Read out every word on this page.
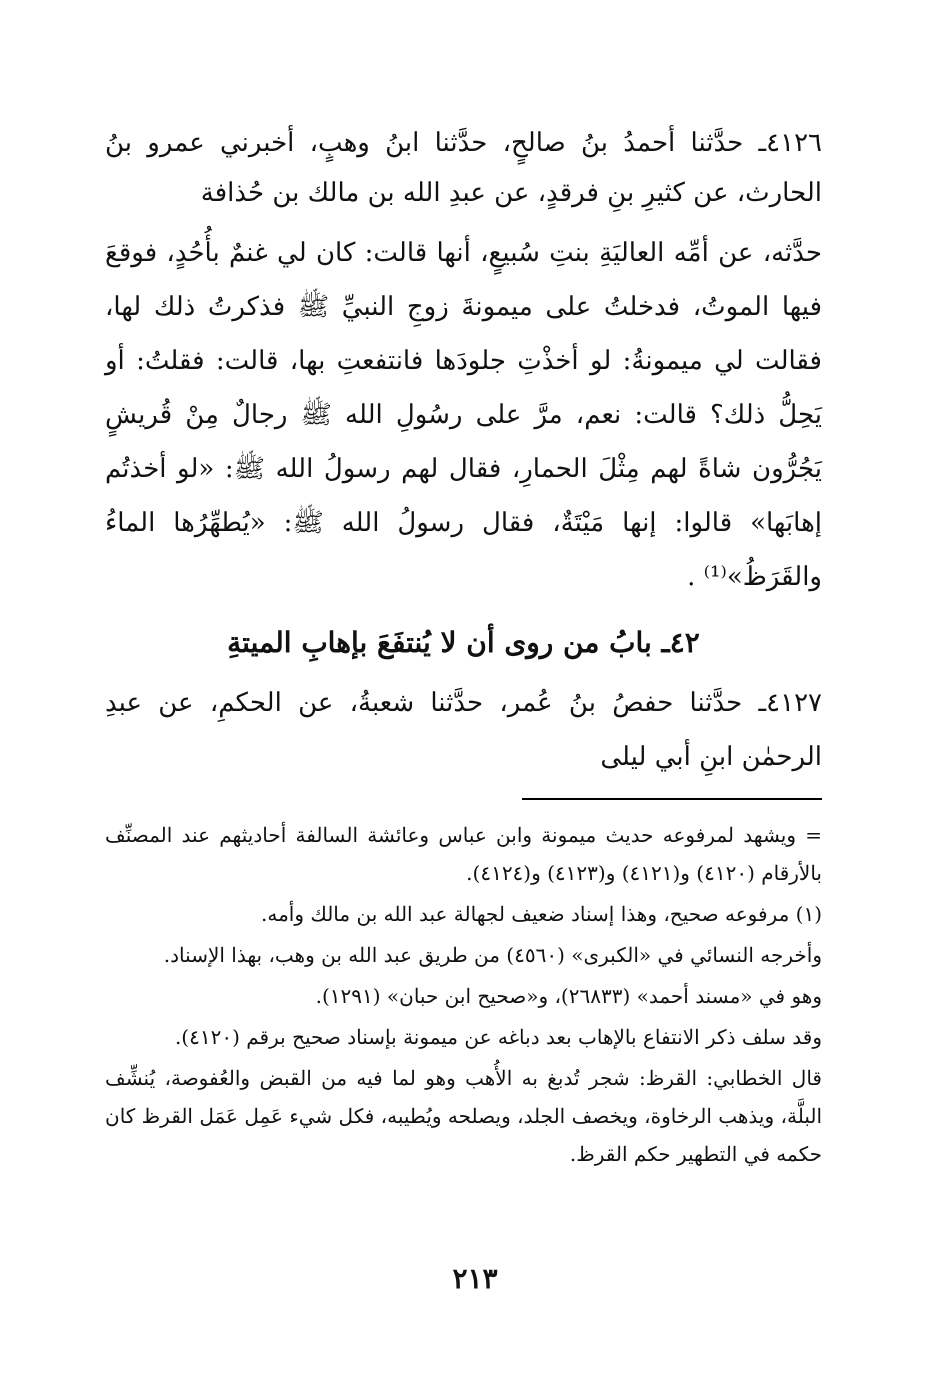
٤١٢٦ـ حدَّثنا أحمدُ بنُ صالحٍ، حدَّثنا ابنُ وهبٍ، أخبرني عمرو بنُ الحارث، عن كثيرِ بنِ فرقدٍ، عن عبدِ الله بن مالك بن حُذافة

حدَّثه، عن أمِّه العاليَةِ بنتِ سُبيعٍ، أنها قالت: كان لي غنمٌ بأُحُدٍ، فوقعَ فيها الموتُ، فدخلتُ على ميمونةَ زوجِ النبيِّ ﷺ فذكرتُ ذلك لها، فقالت لي ميمونةُ: لو أخذْتِ جلودَها فانتفعتِ بها، قالت: فقلتُ: أو يَحِلُّ ذلك؟ قالت: نعم، مرَّ على رسُولِ الله ﷺ رجالٌ مِنْ قُريشٍ يَجُرُّون شاةً لهم مِثْلَ الحمارِ، فقال لهم رسولُ الله ﷺ: «لو أخذتُم إهابَها» قالوا: إنها مَيْتَةٌ، فقال رسولُ الله ﷺ: «يُطهِّرُها الماءُ والقَرَظُ»⁽¹⁾ .

٤٢ـ بابُ من روى أن لا يُنتفَعَ بإهابِ الميتةِ

٤١٢٧ـ حدَّثنا حفصُ بنُ عُمر، حدَّثنا شعبةُ، عن الحكمِ، عن عبدِ الرحمٰن ابنِ أبي ليلى

= ويشهد لمرفوعه حديث ميمونة وابن عباس وعائشة السالفة أحاديثهم عند المصنِّف بالأرقام (٤١٢٠) و(٤١٢١) و(٤١٢٣) و(٤١٢٤).

(١) مرفوعه صحيح، وهذا إسناد ضعيف لجهالة عبد الله بن مالك وأمه.

وأخرجه النسائي في «الكبرى» (٤٥٦٠) من طريق عبد الله بن وهب، بهذا الإسناد.

وهو في «مسند أحمد» (٢٦٨٣٣)، و«صحيح ابن حبان» (١٢٩١).

وقد سلف ذكر الانتفاع بالإهاب بعد دباغه عن ميمونة بإسناد صحيح برقم (٤١٢٠).

قال الخطابي: القرظ: شجر تُدبغ به الأُهب وهو لما فيه من القبض والعُفوصة، يُنشِّف البلَّة، ويذهب الرخاوة، ويخصف الجلد، ويصلحه ويُطيبه، فكل شيء عَمِل عَمَل القرظ كان حكمه في التطهير حكم القرظ.

٢١٣
